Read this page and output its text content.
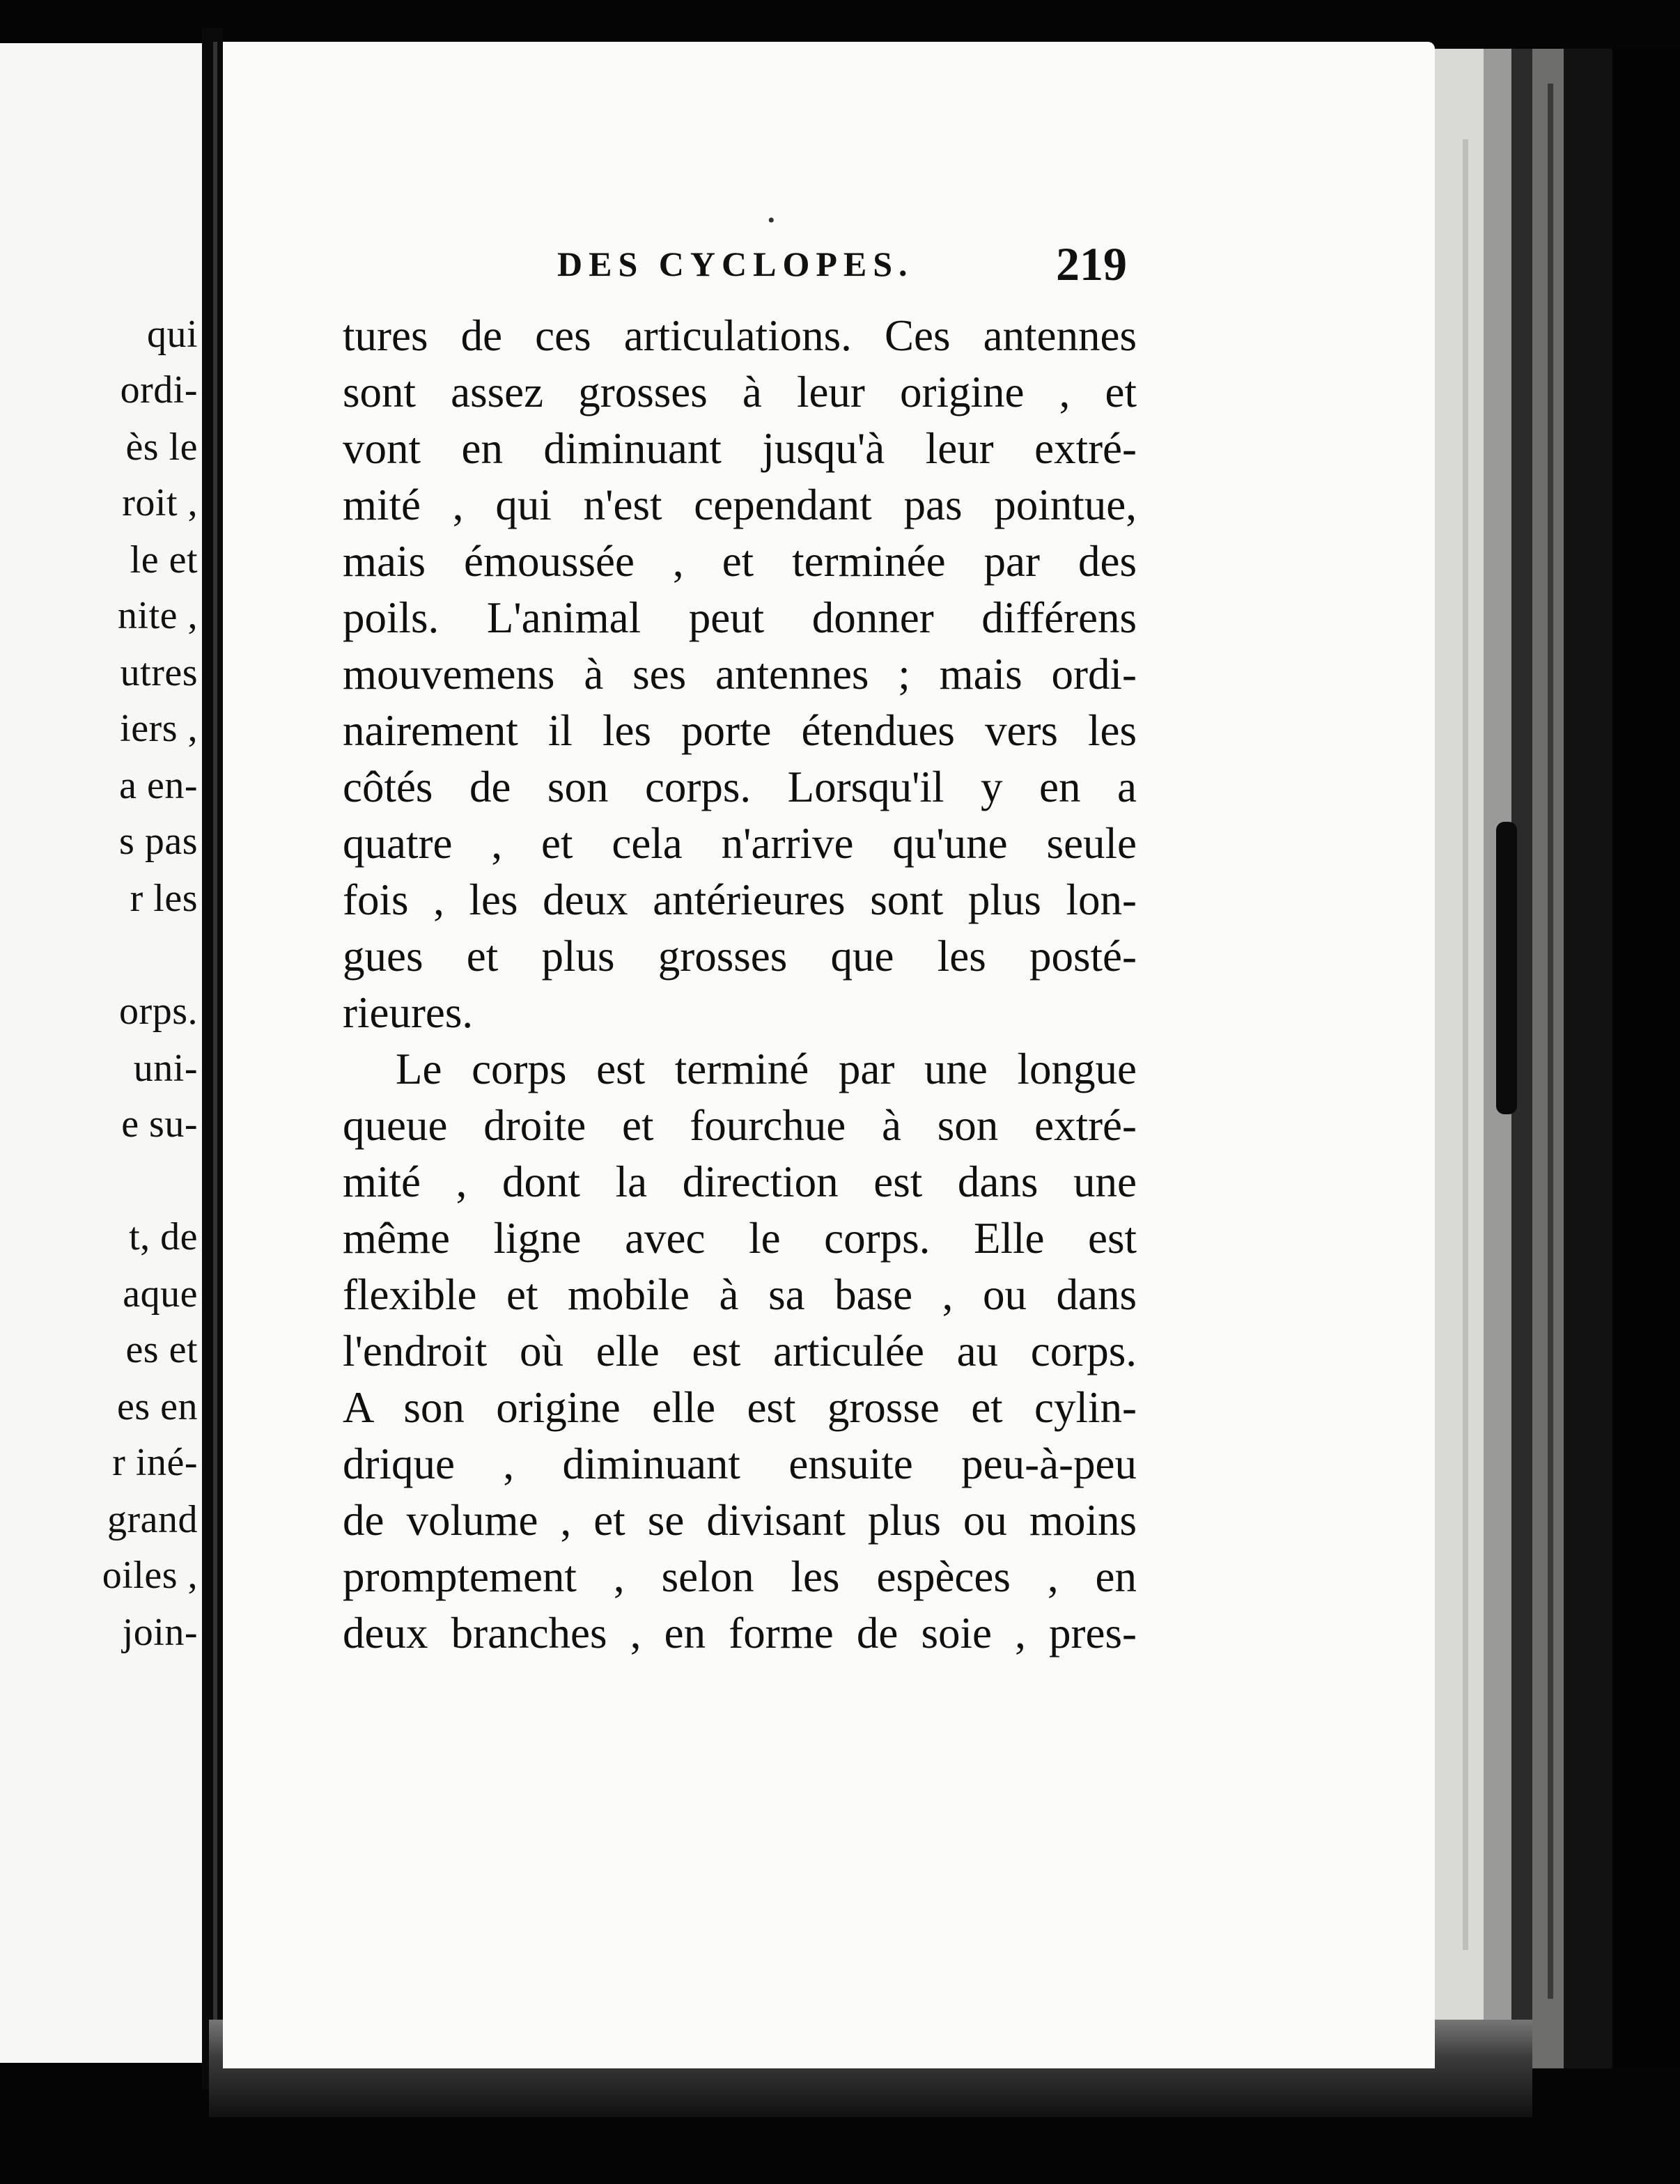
qui
ordi-
ès le
roit ,
le et
nite ,
utres
iers ,
a en-
s pas
r les
orps.
uni-
e su-
t, de
aque
es et
es en
r iné-
grand
oiles ,
join-
•
DES CYCLOPES.	219
tures de ces articulations. Ces antennes
sont assez grosses à leur origine , et
vont en diminuant jusqu'à leur extré-
mité , qui n'est cependant pas pointue,
mais émoussée , et terminée par des
poils. L'animal peut donner différens
mouvemens à ses antennes ; mais ordi-
nairement il les porte étendues vers les
côtés de son corps. Lorsqu'il y en a
quatre , et cela n'arrive qu'une seule
fois , les deux antérieures sont plus lon-
gues et plus grosses que les posté-
rieures.
Le corps est terminé par une longue
queue droite et fourchue à son extré-
mité , dont la direction est dans une
même ligne avec le corps. Elle est
flexible et mobile à sa base , ou dans
l'endroit où elle est articulée au corps.
A son origine elle est grosse et cylin-
drique , diminuant ensuite peu-à-peu
de volume , et se divisant plus ou moins
promptement , selon les espèces , en
deux branches , en forme de soie , pres-
